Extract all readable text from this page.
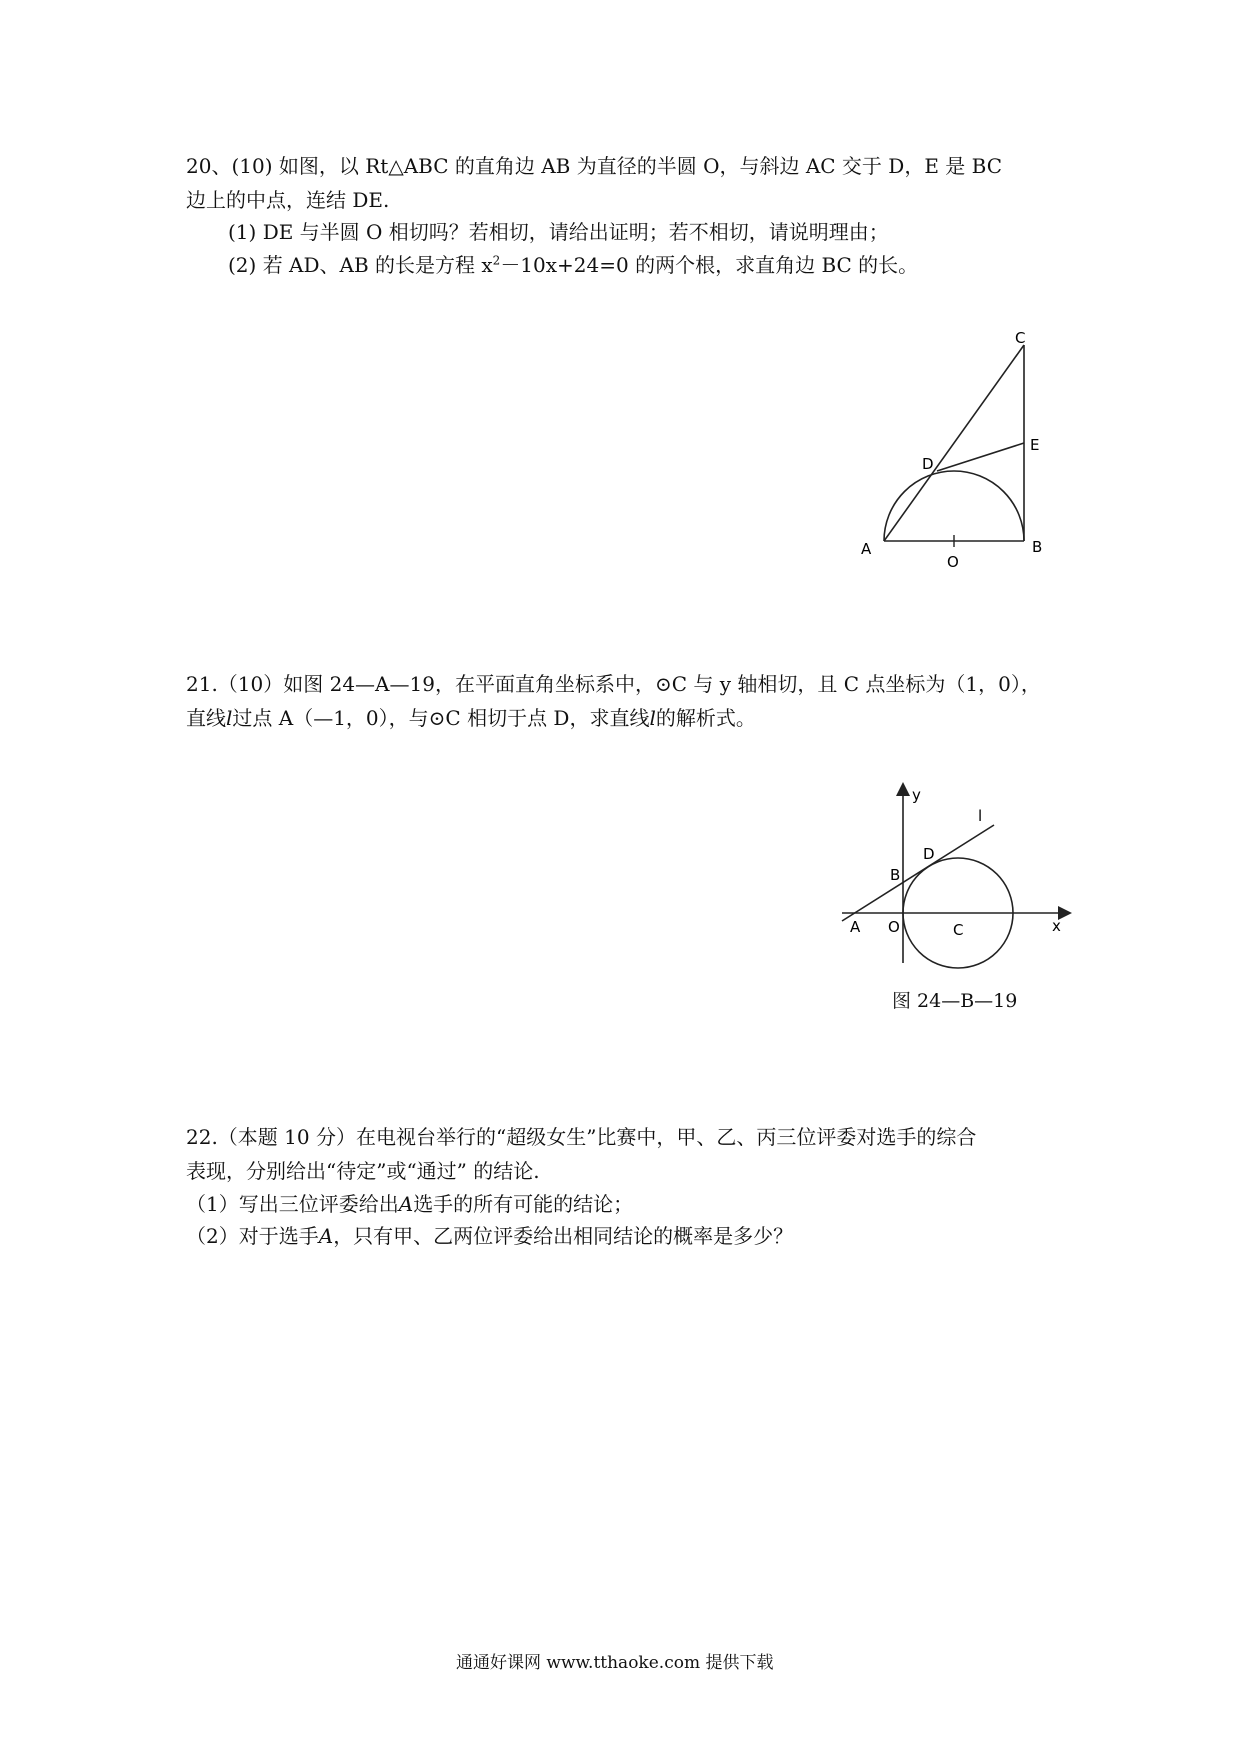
20、(10) 如图，以 Rt△ABC 的直角边 AB 为直径的半圆 O，与斜边 AC 交于 D，E 是 BC
边上的中点，连结 DE.
(1) DE 与半圆 O 相切吗？若相切，请给出证明；若不相切，请说明理由；
(2) 若 AD、AB 的长是方程 $x^2-10x+24=0$ 的两个根，求直角边 BC 的长。
C
E
D
A	B
O
21.（10）如图 24—A—19，在平面直角坐标系中，⊙C 与 y 轴相切，且 C 点坐标为（1，0），
直线l过点 A（—1，0），与⊙C 相切于点 D，求直线l的解析式。
y
l
D
B
A O	C	x
图 24—B—19
22.（本题 10 分）在电视台举行的“超级女生”比赛中，甲、乙、丙三位评委对选手的综合
表现，分别给出“待定”或“通过” 的结论.
（1）写出三位评委给出A选手的所有可能的结论；
（2）对于选手A，只有甲、乙两位评委给出相同结论的概率是多少？
通通好课网 www.tthaoke.com 提供下载
